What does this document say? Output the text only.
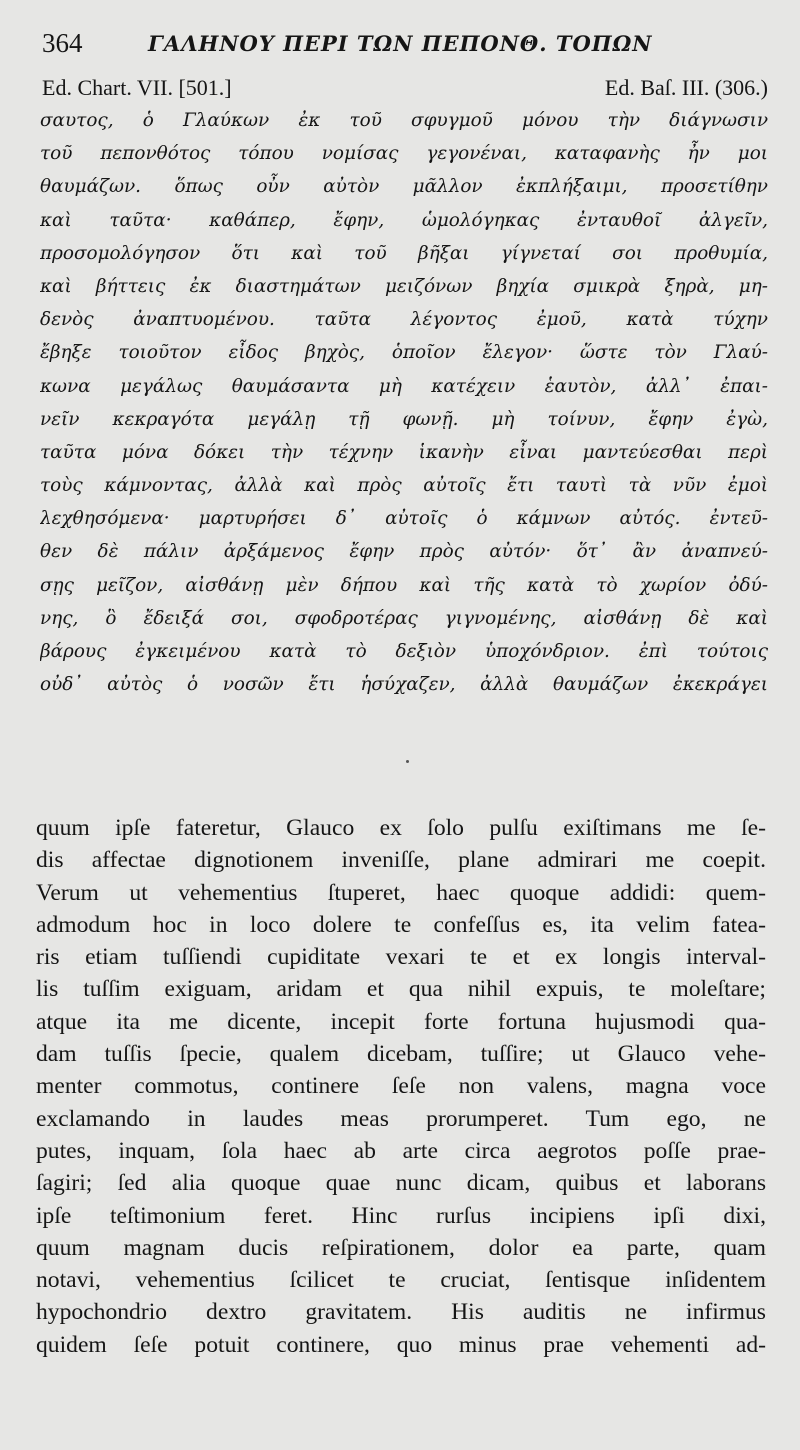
364	ΓΑΛΗΝΟΥ ΠΕΡΙ ΤΩΝ ΠΕΠΟΝΘ. ΤΟΠΩΝ
Ed. Chart. VII. [501.]	Ed. Baſ. III. (306.)
σαυτος, ὁ Γλαύκων ἐκ τοῦ σφυγμοῦ μόνου τὴν διάγνωσιν
τοῦ πεπονθότος τόπου νομίσας γεγονέναι, καταφανὴς ἦν μοι
θαυμάζων. ὅπως οὖν αὐτὸν μᾶλλον ἐκπλήξαιμι, προσετίθην
καὶ ταῦτα· καθάπερ, ἔφην, ὡμολόγηκας ἐνταυθοῖ ἀλγεῖν,
προσομολόγησον ὅτι καὶ τοῦ βῆξαι γίγνεταί σοι προθυμία,
καὶ βήττεις ἐκ διαστημάτων μειζόνων βηχία σμικρὰ ξηρὰ, μη-
δενὸς ἀναπτυομένου. ταῦτα λέγοντος ἐμοῦ, κατὰ τύχην
ἔβηξε τοιοῦτον εἶδος βηχὸς, ὁποῖον ἔλεγον· ὥστε τὸν Γλαύ-
κωνα μεγάλως θαυμάσαντα μὴ κατέχειν ἑαυτὸν, ἀλλ᾽ ἐπαι-
νεῖν κεκραγότα μεγάλῃ τῇ φωνῇ. μὴ τοίνυν, ἔφην ἐγὼ,
ταῦτα μόνα δόκει τὴν τέχνην ἱκανὴν εἶναι μαντεύεσθαι περὶ
τοὺς κάμνοντας, ἀλλὰ καὶ πρὸς αὐτοῖς ἔτι ταυτὶ τὰ νῦν ἐμοὶ
λεχθησόμενα· μαρτυρήσει δ᾽ αὐτοῖς ὁ κάμνων αὐτός. ἐντεῦ-
θεν δὲ πάλιν ἀρξάμενος ἔφην πρὸς αὐτόν· ὅτ᾽ ἂν ἀναπνεύ-
σῃς μεῖζον, αἰσθάνῃ μὲν δήπου καὶ τῆς κατὰ τὸ χωρίον ὀδύ-
νης, ὃ ἔδειξά σοι, σφοδροτέρας γιγνομένης, αἰσθάνῃ δὲ καὶ
βάρους ἐγκειμένου κατὰ τὸ δεξιὸν ὑποχόνδριον. ἐπὶ τούτοις
οὐδ᾽ αὐτὸς ὁ νοσῶν ἔτι ἡσύχαζεν, ἀλλὰ θαυμάζων ἐκεκράγει
quum ipſe fateretur, Glauco ex ſolo pulſu exiſtimans me ſe-
dis affectae dignotionem inveniſſe, plane admirari me coepit.
Verum ut vehementius ſtuperet, haec quoque addidi: quem-
admodum hoc in loco dolere te confeſſus es, ita velim fatea-
ris etiam tuſſiendi cupiditate vexari te et ex longis interval-
lis tuſſim exiguam, aridam et qua nihil expuis, te moleſtare;
atque ita me dicente, incepit forte fortuna hujusmodi qua-
dam tuſſis ſpecie, qualem dicebam, tuſſire; ut Glauco vehe-
menter commotus, continere ſeſe non valens, magna voce
exclamando in laudes meas prorumperet. Tum ego, ne
putes, inquam, ſola haec ab arte circa aegrotos poſſe prae-
ſagiri; ſed alia quoque quae nunc dicam, quibus et laborans
ipſe teſtimonium feret. Hinc rurſus incipiens ipſi dixi,
quum magnam ducis reſpirationem, dolor ea parte, quam
notavi, vehementius ſcilicet te cruciat, ſentisque inſidentem
hypochondrio dextro gravitatem. His auditis ne infirmus
quidem ſeſe potuit continere, quo minus prae vehementi ad-
